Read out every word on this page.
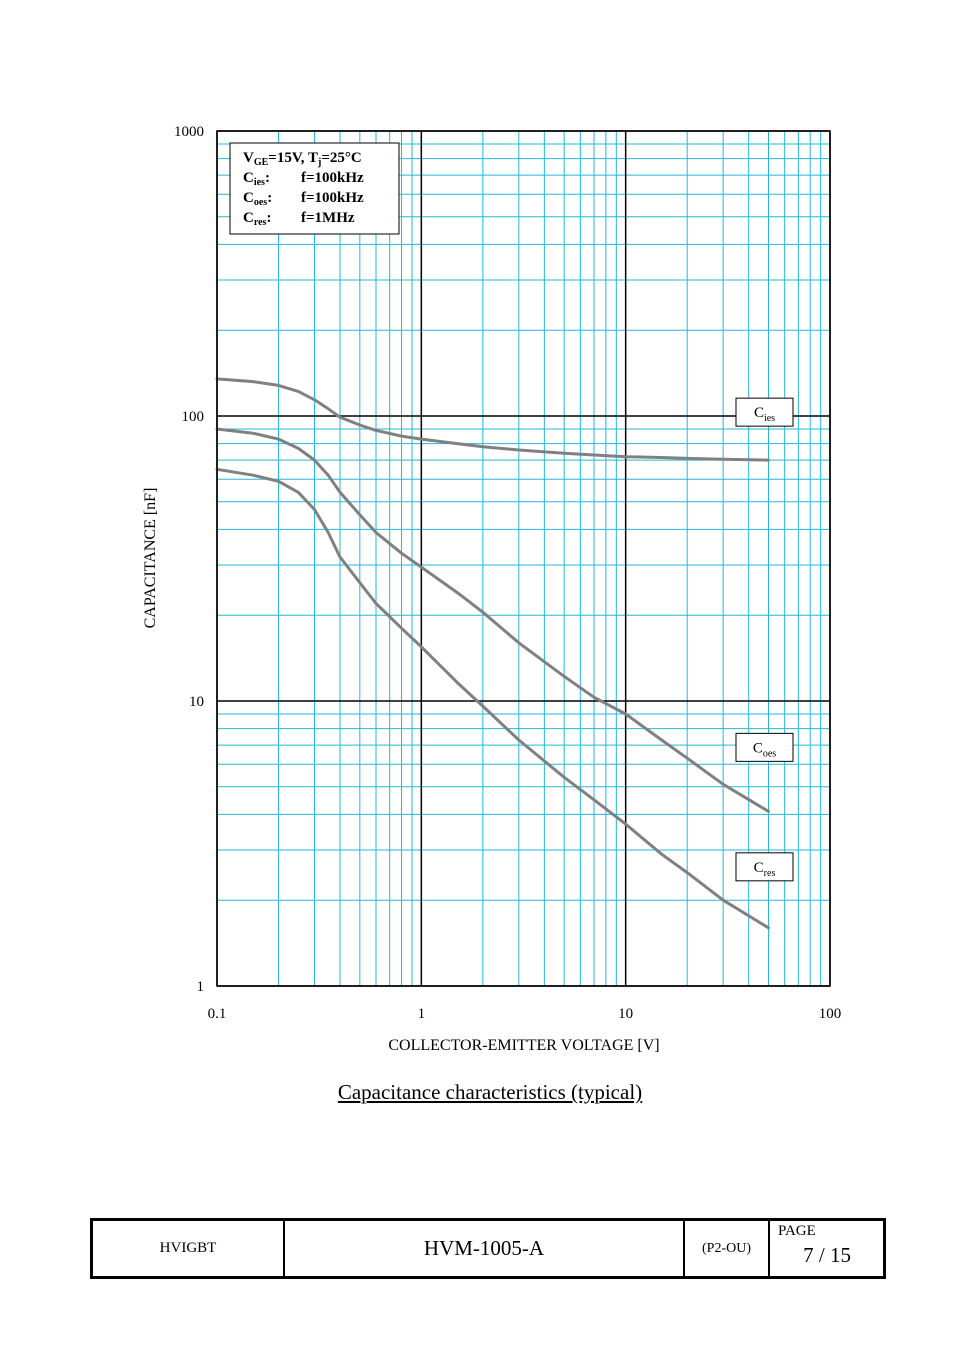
0.1	1	10	100
1
10
100
1000
COLLECTOR-EMITTER VOLTAGE [V]
CAPACITANCE [nF]
$V_{GE}=15V$, $T_j=25^\circ C$
$C_{ies}$: f=100kHz
$C_{oes}$: f=100kHz
$C_{res}$: f=1MHz
$C_{ies}$
$C_{oes}$
$C_{res}$
Capacitance characteristics (typical)
HVIGBT	HVM-1005-A	(P2-OU)	
PAGE
7 / 15
